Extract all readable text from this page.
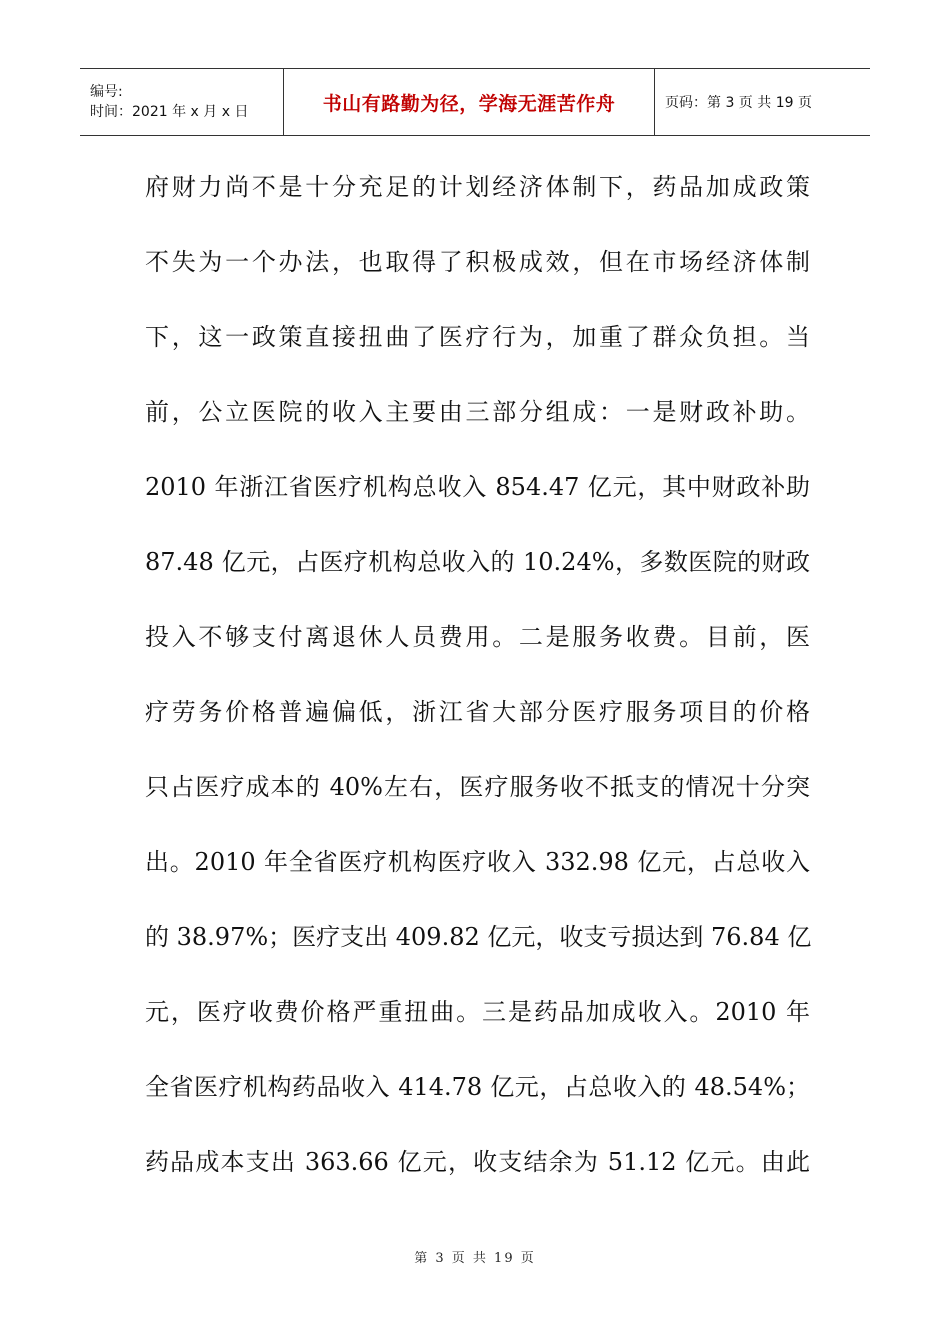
编号:
时间：2021 年 x 月 x 日	书山有路勤为径，学海无涯苦作舟	页码：第 3 页 共 19 页
府财力尚不是十分充足的计划经济体制下，药品加成政策
不失为一个办法，也取得了积极成效，但在市场经济体制
下，这一政策直接扭曲了医疗行为，加重了群众负担。当
前，公立医院的收入主要由三部分组成：一是财政补助。
2010 年浙江省医疗机构总收入 854.47 亿元，其中财政补助
87.48 亿元，占医疗机构总收入的 10.24%，多数医院的财政
投入不够支付离退休人员费用。二是服务收费。目前，医
疗劳务价格普遍偏低，浙江省大部分医疗服务项目的价格
只占医疗成本的 40%左右，医疗服务收不抵支的情况十分突
出。2010 年全省医疗机构医疗收入 332.98 亿元，占总收入
的 38.97%；医疗支出 409.82 亿元，收支亏损达到 76.84 亿
元，医疗收费价格严重扭曲。三是药品加成收入。2010 年
全省医疗机构药品收入 414.78 亿元，占总收入的 48.54%；
药品成本支出 363.66 亿元，收支结余为 51.12 亿元。由此
第 3 页 共 19 页
